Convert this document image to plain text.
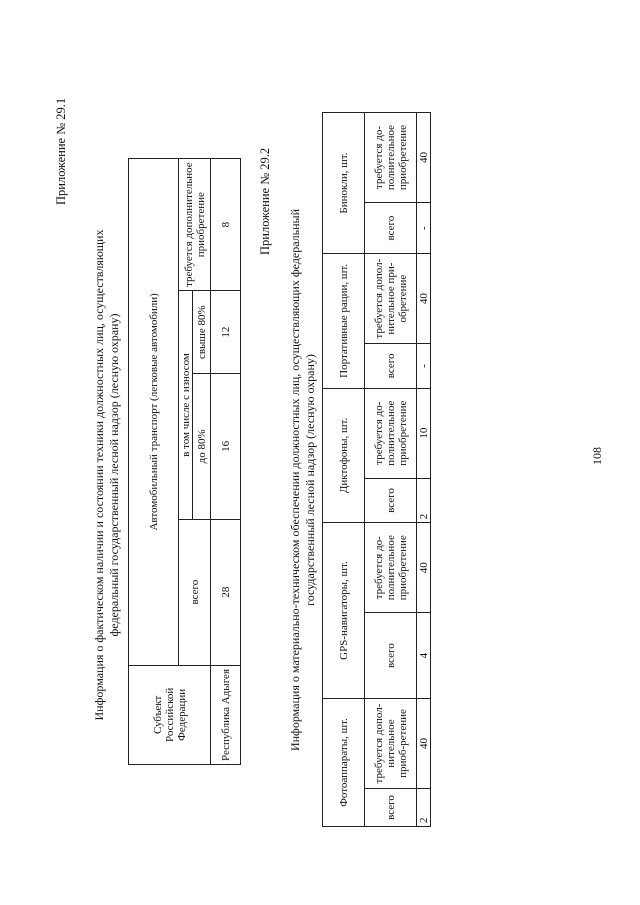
Приложение № 29.1
Информация о фактическом наличии и состоянии техники должностных лиц, осуществляющих федеральный государственный лесной надзор (лесную охрану)
Субъект Российской Федерации	Автомобильный транспорт (легковые автомобили)			
	всего	в том числе с износом		требуется дополнительное приобретение
		до 80%	свыше 80%	
Республика Адыгея	28	16	12	8 Приложение № 29.2
Информация о материально-техническом обеспечении должностных лиц, осуществляющих федеральный государственный лесной надзор (лесную охрану)
Фотоаппараты, шт.		GPS-навигаторы, шт.		Диктофоны, шт.		Портативные рации, шт.		Бинокли, шт.	
всего	требуется допол-нительное приоб-ретение	всего	требуется до-полнительное приобретение	всего	требуется до-полнительное приобретение	всего	требуется допол-нительное при-обретение	всего	требуется до-полнительное приобретение
2	40	4	40	2	10	-	40	-	40
108
